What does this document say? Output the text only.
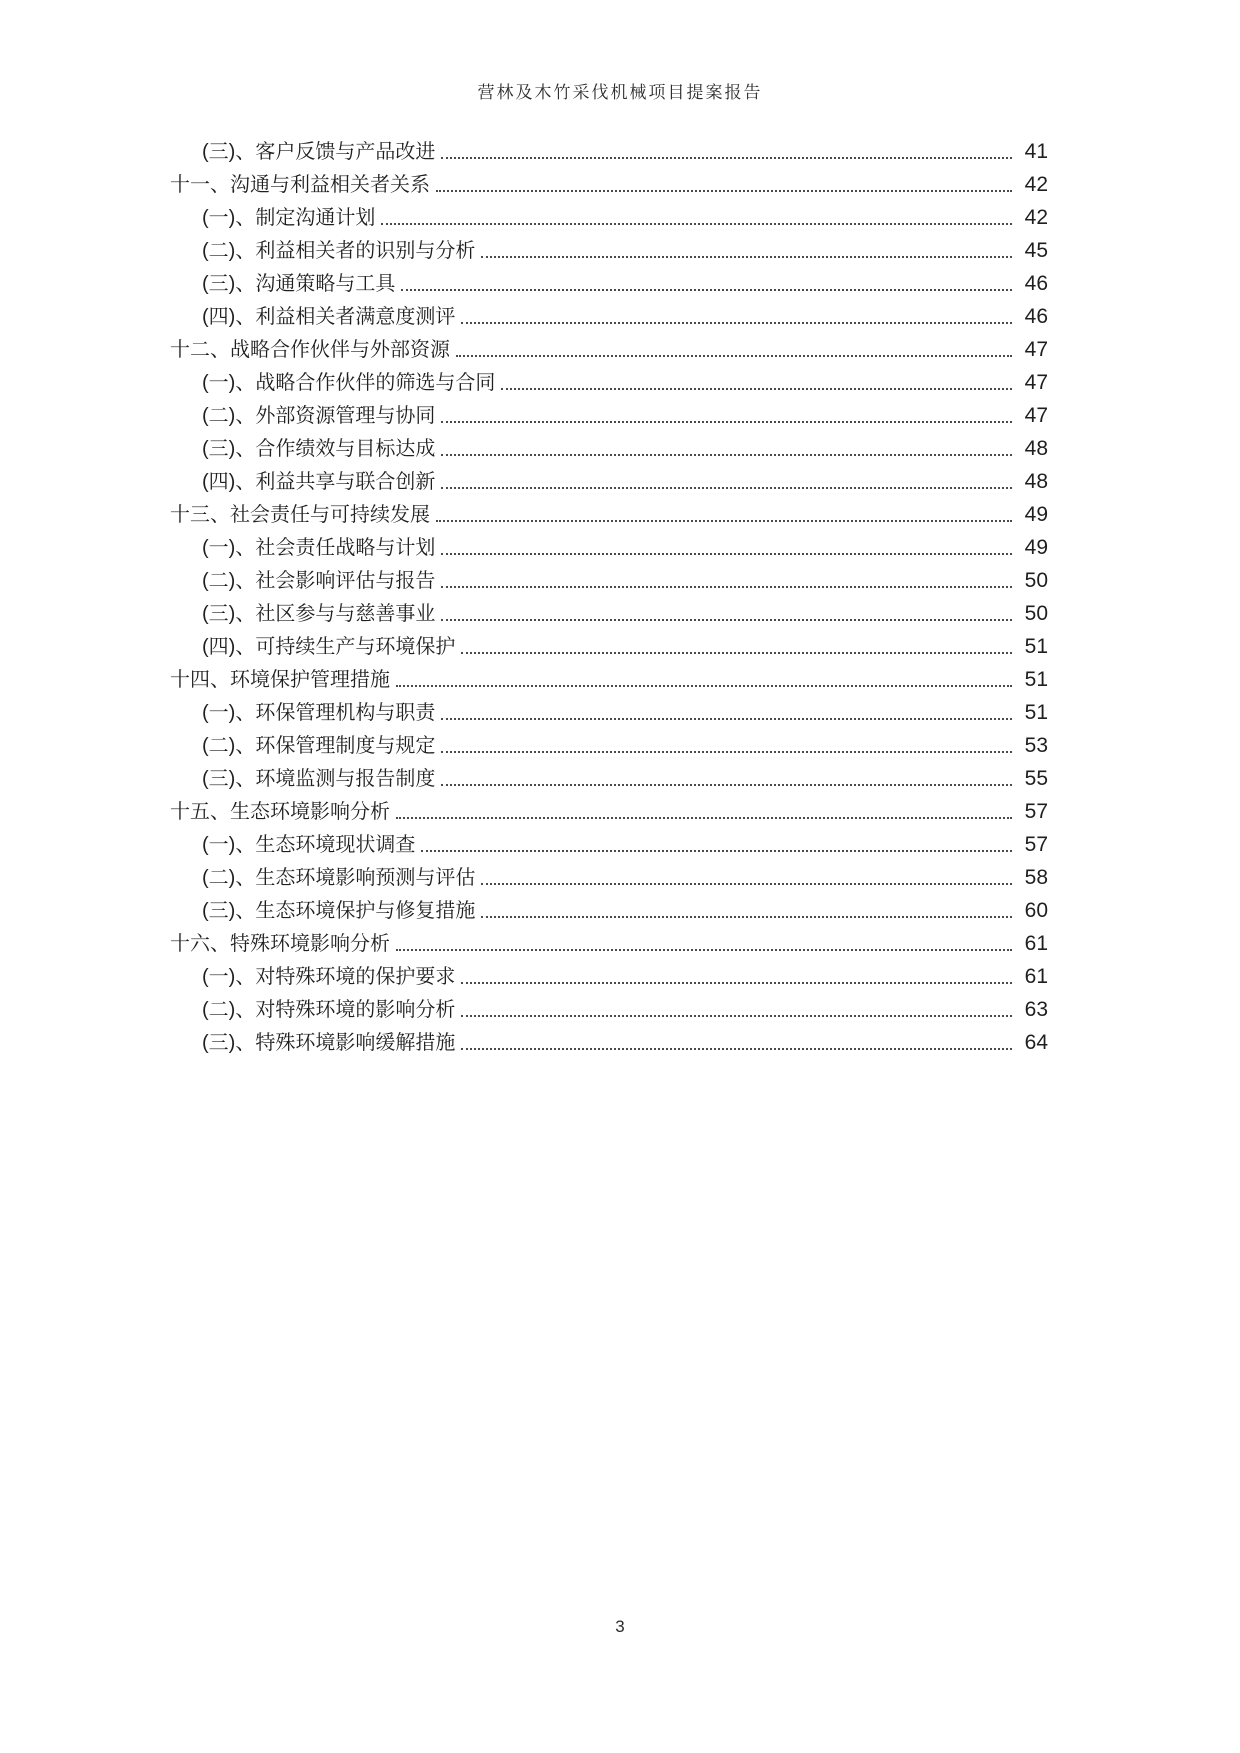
营林及木竹采伐机械项目提案报告
(三)、客户反馈与产品改进	41
十一、沟通与利益相关者关系	42
(一)、制定沟通计划	42
(二)、利益相关者的识别与分析	45
(三)、沟通策略与工具	46
(四)、利益相关者满意度测评	46
十二、战略合作伙伴与外部资源	47
(一)、战略合作伙伴的筛选与合同	47
(二)、外部资源管理与协同	47
(三)、合作绩效与目标达成	48
(四)、利益共享与联合创新	48
十三、社会责任与可持续发展	49
(一)、社会责任战略与计划	49
(二)、社会影响评估与报告	50
(三)、社区参与与慈善事业	50
(四)、可持续生产与环境保护	51
十四、环境保护管理措施	51
(一)、环保管理机构与职责	51
(二)、环保管理制度与规定	53
(三)、环境监测与报告制度	55
十五、生态环境影响分析	57
(一)、生态环境现状调查	57
(二)、生态环境影响预测与评估	58
(三)、生态环境保护与修复措施	60
十六、特殊环境影响分析	61
(一)、对特殊环境的保护要求	61
(二)、对特殊环境的影响分析	63
(三)、特殊环境影响缓解措施	64
3
